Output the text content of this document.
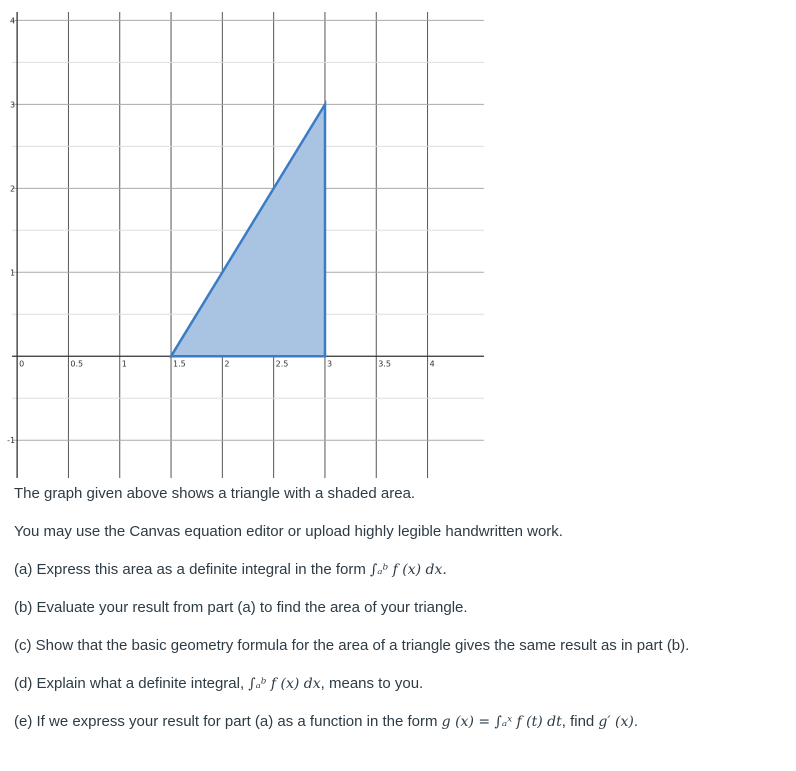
0	0.5	1	1.5	2	2.5	3	3.5	4
-1
1
2
3
4

The graph given above shows a triangle with a shaded area.

You may use the Canvas equation editor or upload highly legible handwritten work.

(a) Express this area as a definite integral in the form ∫ₐᵇ f (x) dx.

(b) Evaluate your result from part (a) to find the area of your triangle.

(c) Show that the basic geometry formula for the area of a triangle gives the same result as in part (b).

(d) Explain what a definite integral, ∫ₐᵇ f (x) dx, means to you.

(e) If we express your result for part (a) as a function in the form g (x) = ∫ₐˣ f (t) dt, find g′ (x).
